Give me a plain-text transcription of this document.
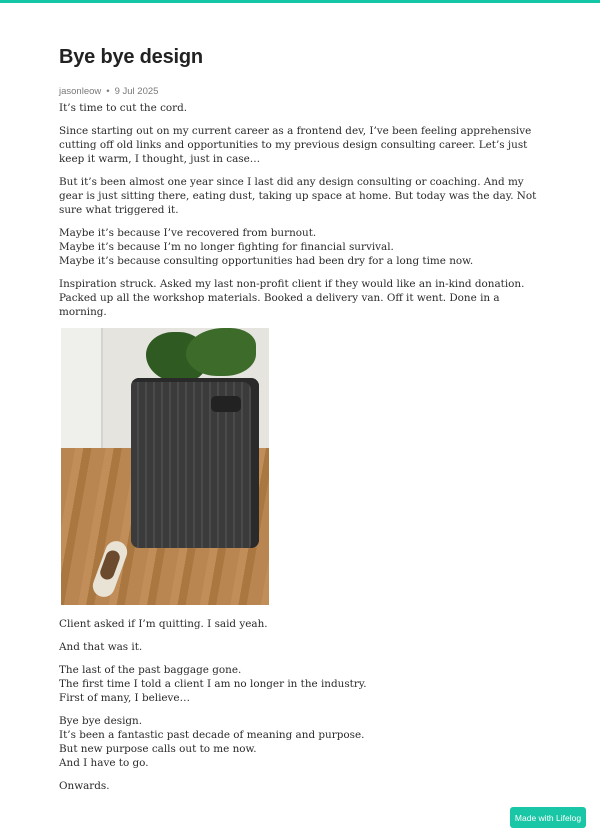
Bye bye design
jasonleow • 9 Jul 2025

It’s time to cut the cord.

Since starting out on my current career as a frontend dev, I’ve been feeling apprehensive cutting off old links and opportunities to my previous design consulting career. Let’s just keep it warm, I thought, just in case…

But it’s been almost one year since I last did any design consulting or coaching. And my gear is just sitting there, eating dust, taking up space at home. But today was the day. Not sure what triggered it.

Maybe it’s because I’ve recovered from burnout.
Maybe it’s because I’m no longer fighting for financial survival.
Maybe it’s because consulting opportunities had been dry for a long time now.

Inspiration struck. Asked my last non-profit client if they would like an in-kind donation. Packed up all the workshop materials. Booked a delivery van. Off it went. Done in a morning.

Client asked if I’m quitting. I said yeah.

And that was it.

The last of the past baggage gone.
The first time I told a client I am no longer in the industry.
First of many, I believe…

Bye bye design.
It’s been a fantastic past decade of meaning and purpose.
But new purpose calls out to me now.
And I have to go.

Onwards.

Made with Lifelog
